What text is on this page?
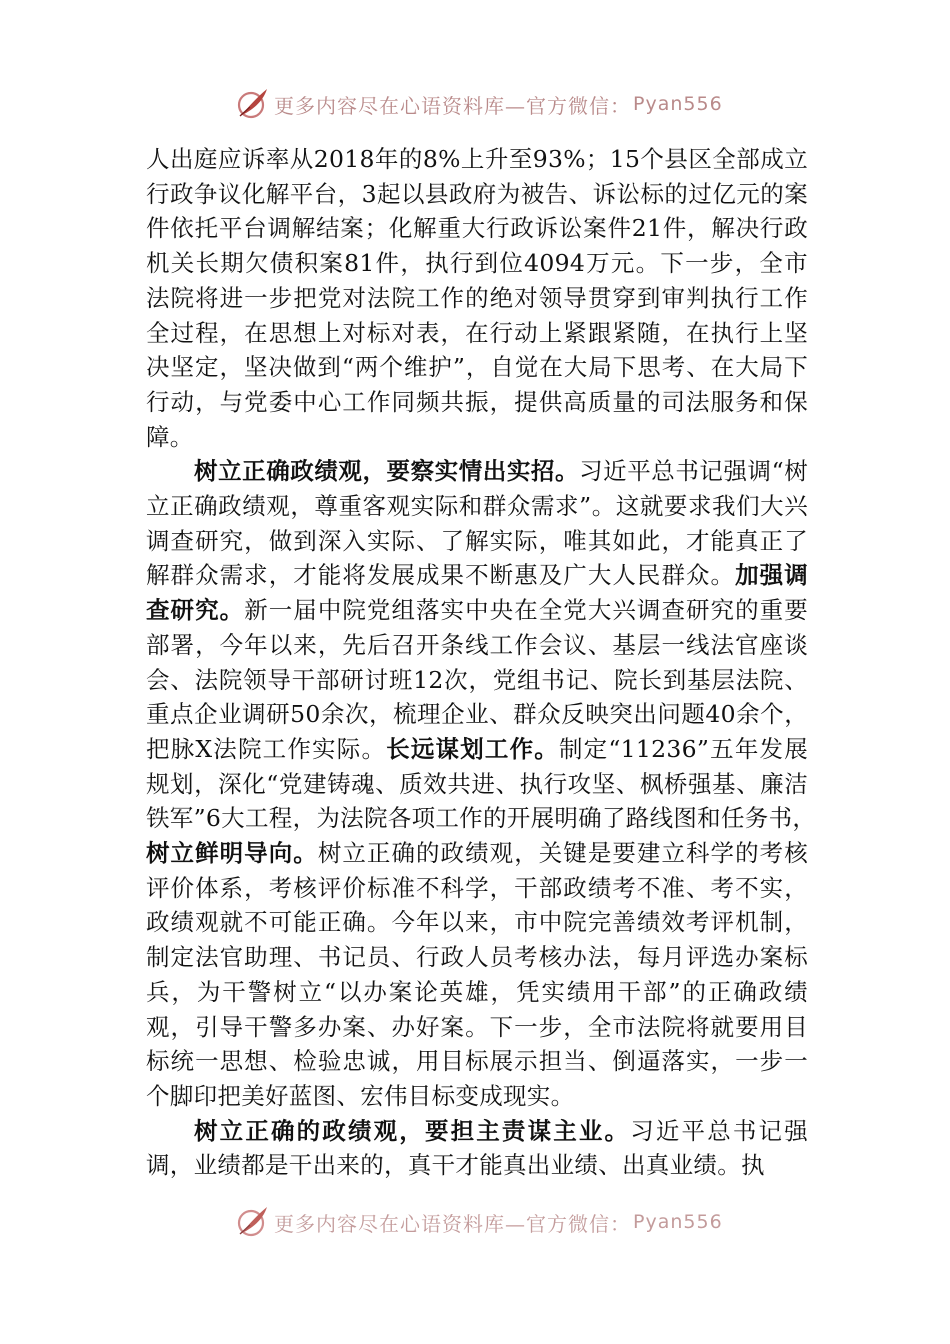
更多内容尽在心语资料库—官方微信： Pyan556

人出庭应诉率从2018年的8%上升至93%；15个县区全部成立行政争议化解平台，3起以县政府为被告、诉讼标的过亿元的案件依托平台调解结案；化解重大行政诉讼案件21件，解决行政机关长期欠债积案81件，执行到位4094万元。下一步，全市法院将进一步把党对法院工作的绝对领导贯穿到审判执行工作全过程，在思想上对标对表，在行动上紧跟紧随，在执行上坚决坚定，坚决做到“两个维护”，自觉在大局下思考、在大局下行动，与党委中心工作同频共振，提供高质量的司法服务和保障。

树立正确政绩观，要察实情出实招。习近平总书记强调“树立正确政绩观，尊重客观实际和群众需求”。这就要求我们大兴调查研究，做到深入实际、了解实际，唯其如此，才能真正了解群众需求，才能将发展成果不断惠及广大人民群众。加强调查研究。新一届中院党组落实中央在全党大兴调查研究的重要部署，今年以来，先后召开条线工作会议、基层一线法官座谈会、法院领导干部研讨班12次，党组书记、院长到基层法院、重点企业调研50余次，梳理企业、群众反映突出问题40余个，把脉X法院工作实际。长远谋划工作。制定“11236”五年发展规划，深化“党建铸魂、质效共进、执行攻坚、枫桥强基、廉洁铁军”6大工程，为法院各项工作的开展明确了路线图和任务书，　树立鲜明导向。树立正确的政绩观，关键是要建立科学的考核评价体系，考核评价标准不科学，干部政绩考不准、考不实，政绩观就不可能正确。今年以来，市中院完善绩效考评机制，制定法官助理、书记员、行政人员考核办法，每月评选办案标兵，为干警树立“以办案论英雄，凭实绩用干部”的正确政绩观，引导干警多办案、办好案。下一步，全市法院将就要用目标统一思想、检验忠诚，用目标展示担当、倒逼落实，一步一个脚印把美好蓝图、宏伟目标变成现实。

树立正确的政绩观，要担主责谋主业。习近平总书记强调，业绩都是干出来的，真干才能真出业绩、出真业绩。执

更多内容尽在心语资料库—官方微信： Pyan556
